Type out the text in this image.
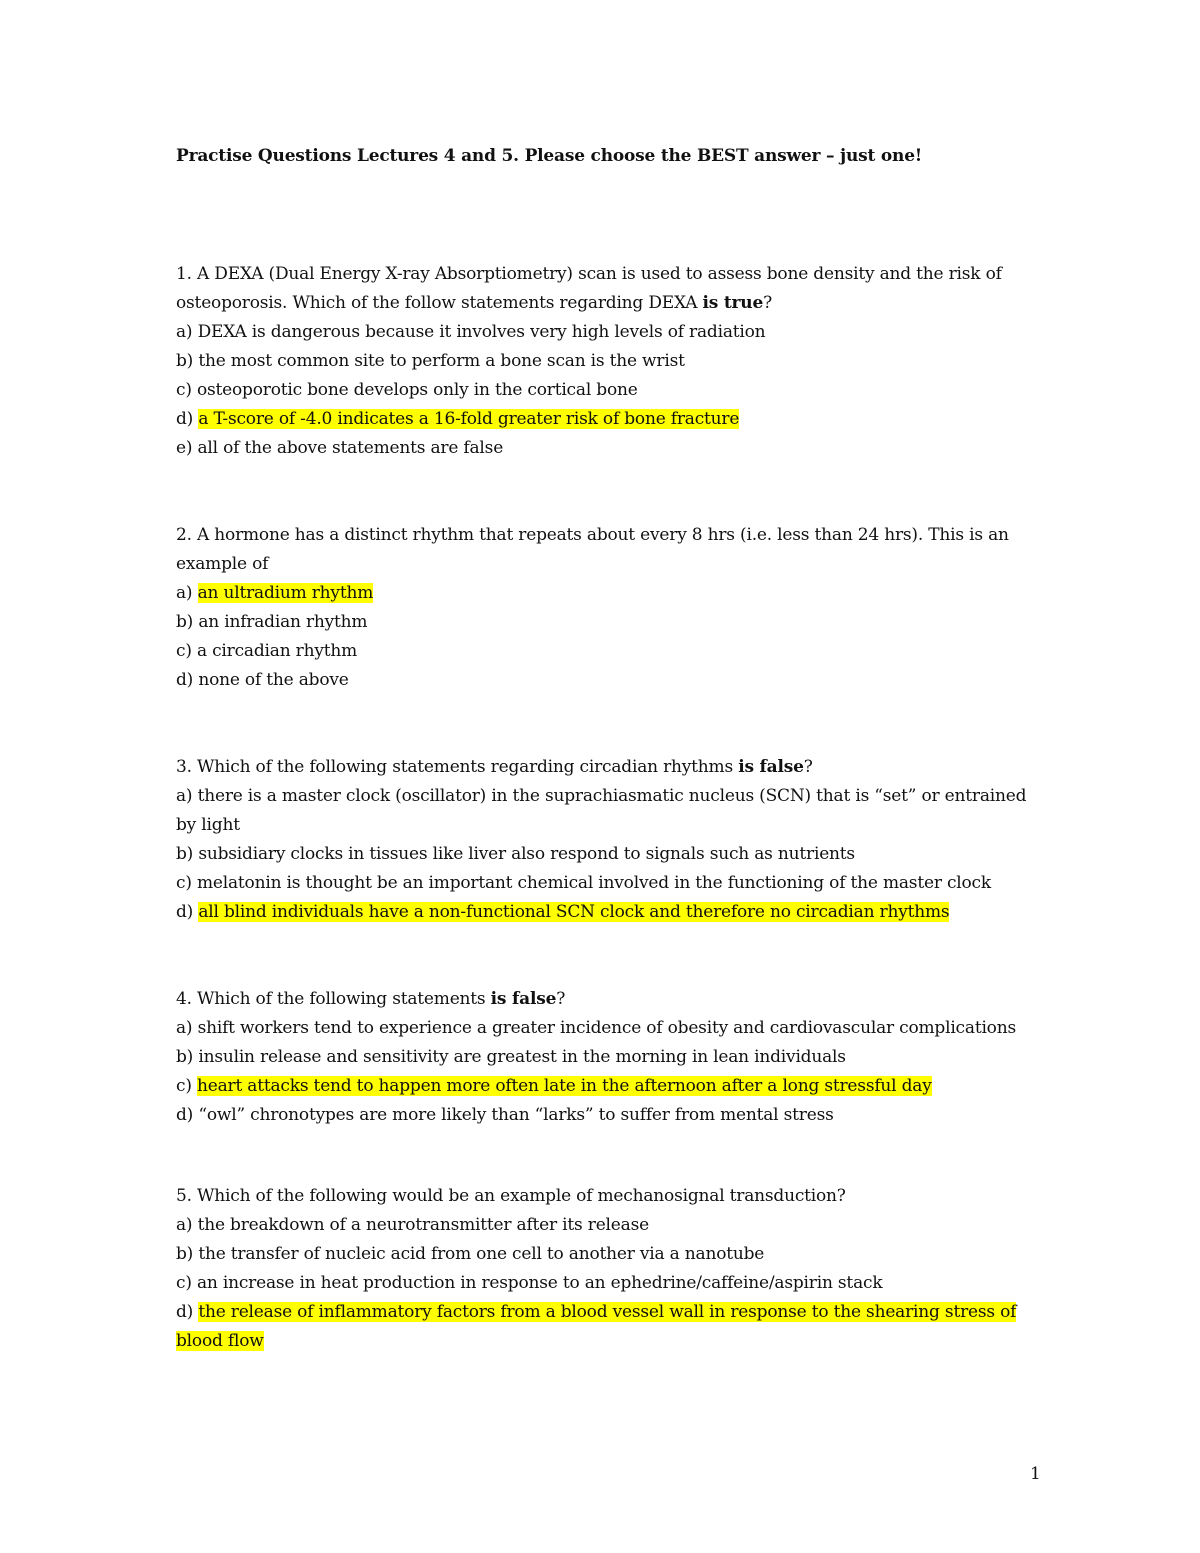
Practise Questions Lectures 4 and 5. Please choose the BEST answer – just one!

1. A DEXA (Dual Energy X-ray Absorptiometry) scan is used to assess bone density and the risk of osteoporosis. Which of the follow statements regarding DEXA is true?

a) DEXA is dangerous because it involves very high levels of radiation

b) the most common site to perform a bone scan is the wrist

c) osteoporotic bone develops only in the cortical bone

d) a T-score of -4.0 indicates a 16-fold greater risk of bone fracture

e) all of the above statements are false

2. A hormone has a distinct rhythm that repeats about every 8 hrs (i.e. less than 24 hrs). This is an example of

a) an ultradium rhythm

b) an infradian rhythm

c) a circadian rhythm

d) none of the above

3. Which of the following statements regarding circadian rhythms is false?

a) there is a master clock (oscillator) in the suprachiasmatic nucleus (SCN) that is “set” or entrained by light

b) subsidiary clocks in tissues like liver also respond to signals such as nutrients

c) melatonin is thought be an important chemical involved in the functioning of the master clock

d) all blind individuals have a non-functional SCN clock and therefore no circadian rhythms

4. Which of the following statements is false?

a) shift workers tend to experience a greater incidence of obesity and cardiovascular complications

b) insulin release and sensitivity are greatest in the morning in lean individuals

c) heart attacks tend to happen more often late in the afternoon after a long stressful day

d) “owl” chronotypes are more likely than “larks” to suffer from mental stress

5. Which of the following would be an example of mechanosignal transduction?

a) the breakdown of a neurotransmitter after its release

b) the transfer of nucleic acid from one cell to another via a nanotube

c) an increase in heat production in response to an ephedrine/caffeine/aspirin stack

d) the release of inflammatory factors from a blood vessel wall in response to the shearing stress of blood flow

1
